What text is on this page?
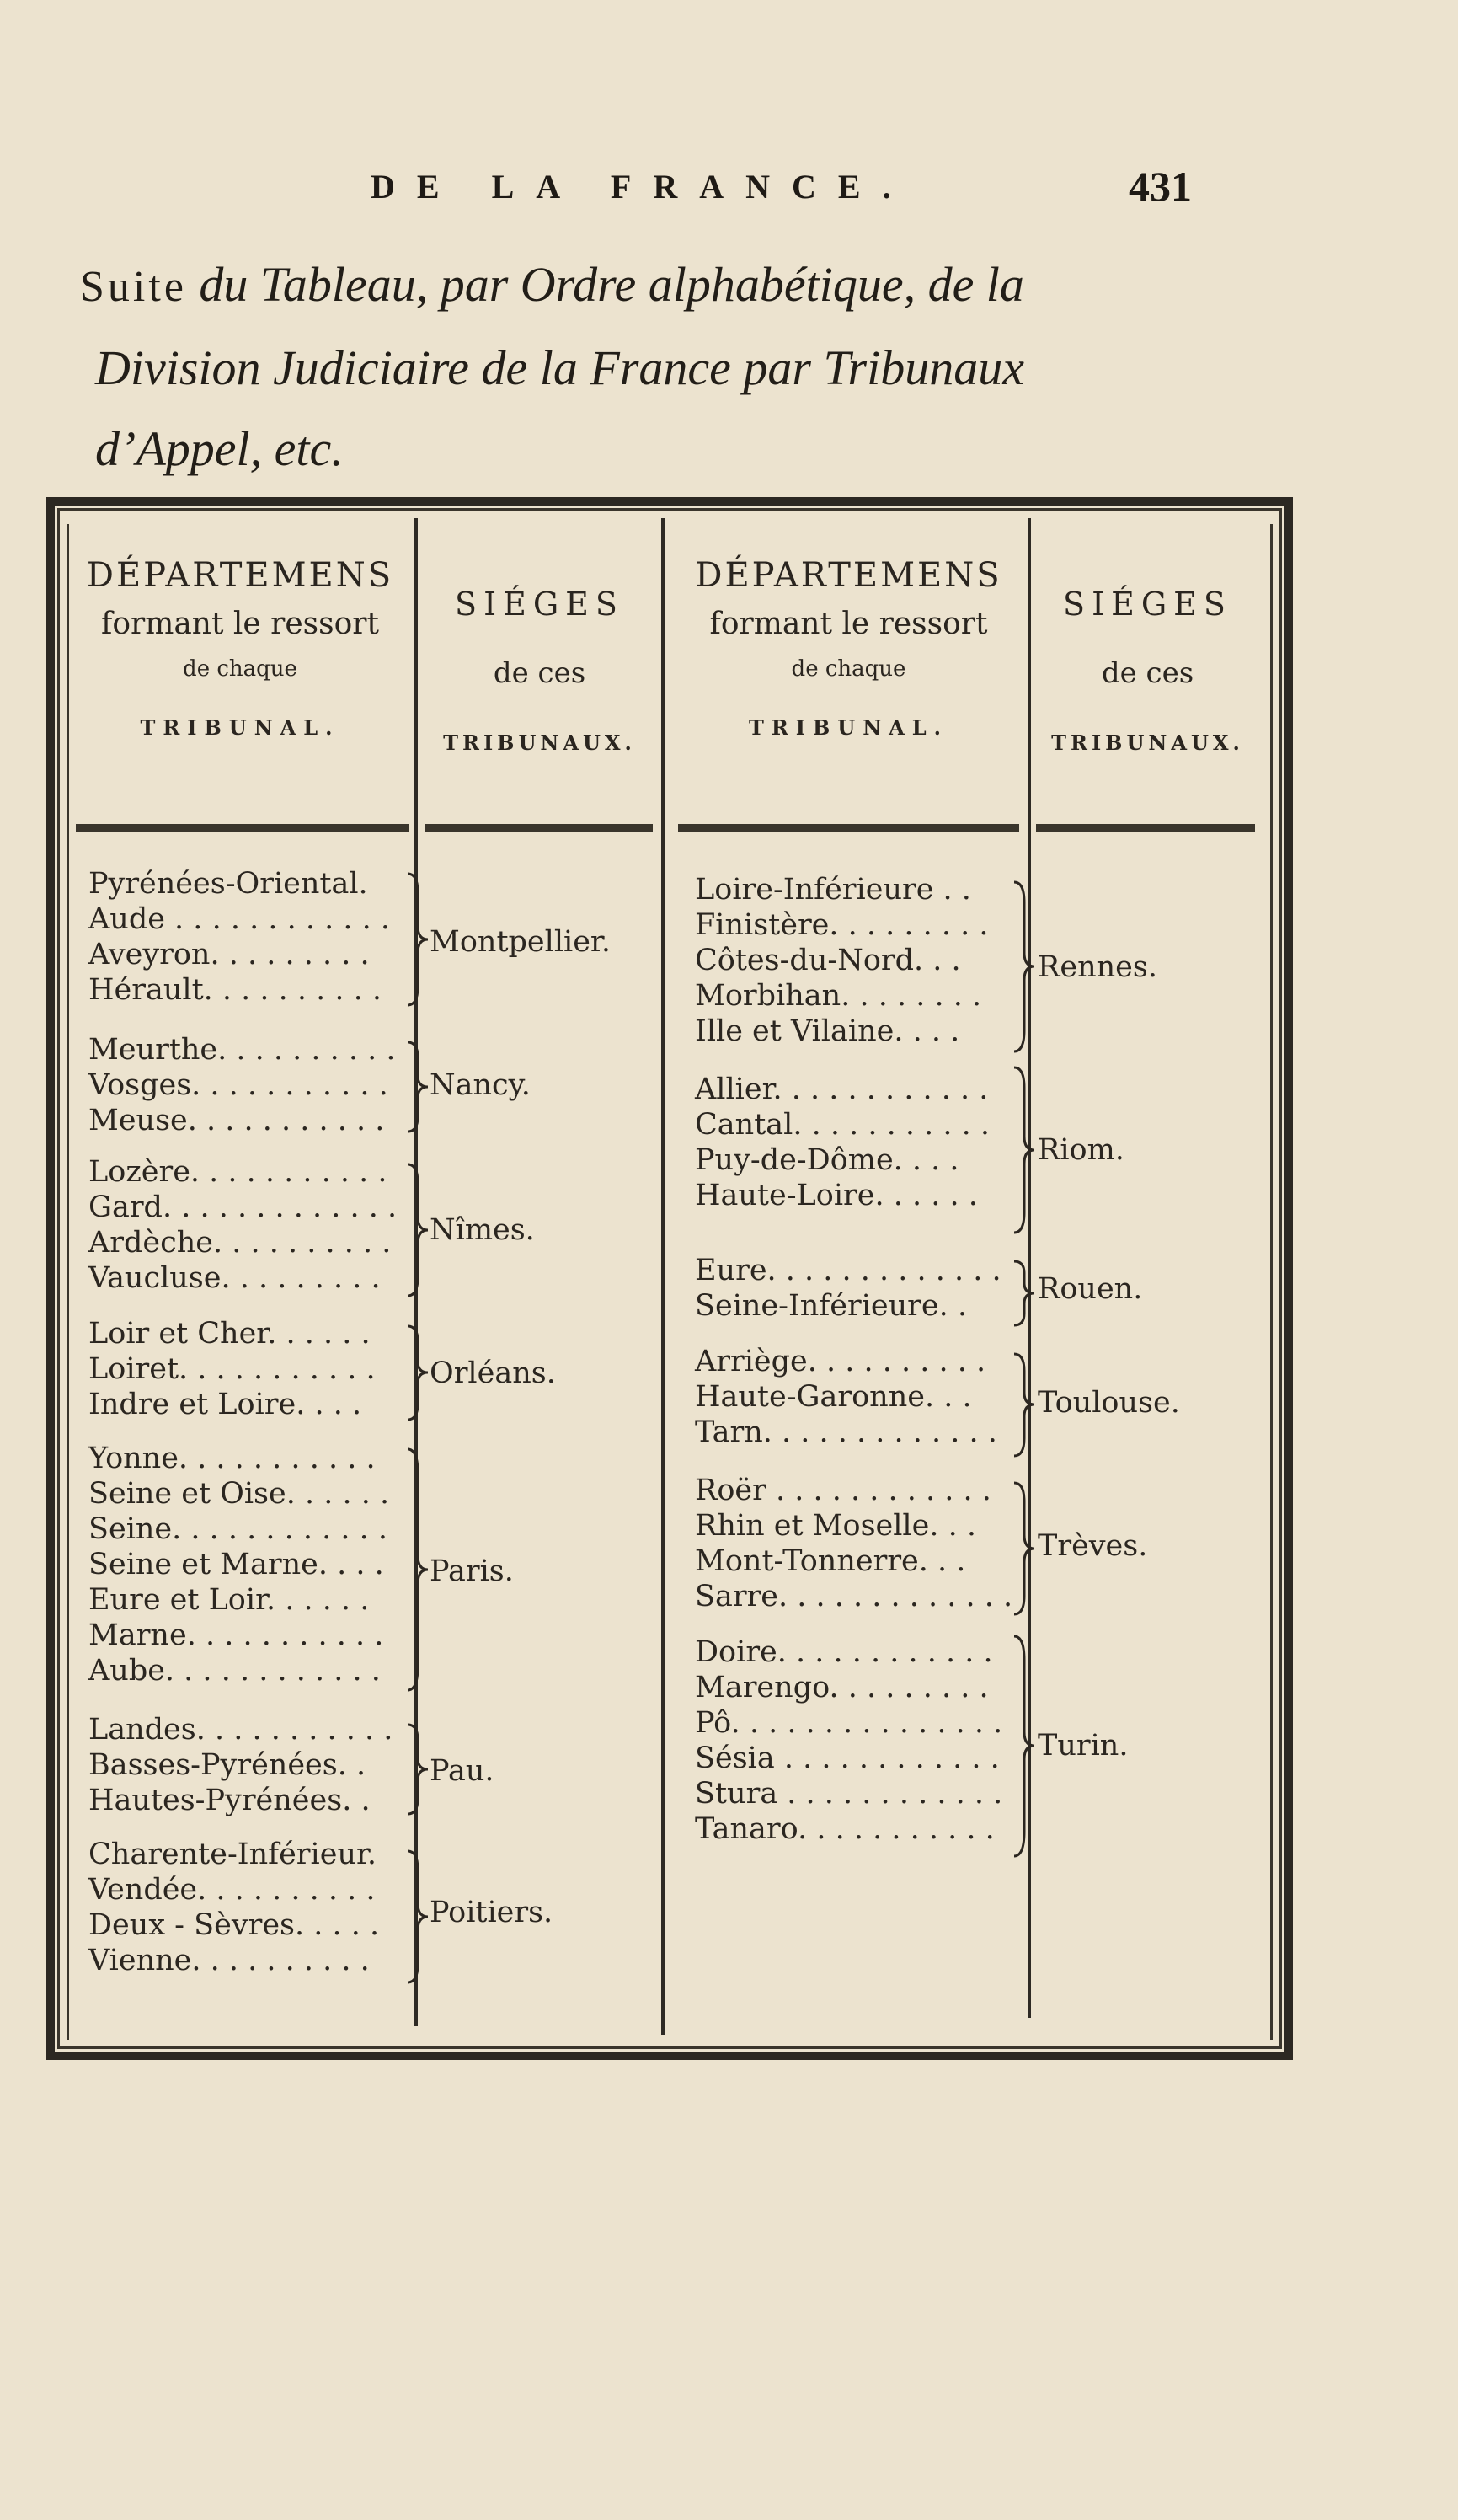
DE LA FRANCE.	431
Suite du Tableau, par Ordre alphabétique, de la
Division Judiciaire de la France par Tribunaux
d’Appel, etc.
DÉPARTEMENS
formant le ressort
de chaque
TRIBUNAL.
SIÉGES
de ces
TRIBUNAUX.
DÉPARTEMENS
formant le ressort
de chaque
TRIBUNAL.
SIÉGES
de ces
TRIBUNAUX.
Pyrénées-Oriental.
Aude . . . . . . . . . . . .
Aveyron. . . . . . . . .
Hérault. . . . . . . . . .
Montpellier.
Meurthe. . . . . . . . . .
Vosges. . . . . . . . . . .
Meuse. . . . . . . . . . .
Nancy.
Lozère. . . . . . . . . . .
Gard. . . . . . . . . . . . .
Ardèche. . . . . . . . . .
Vaucluse. . . . . . . . .
Nîmes.
Loir et Cher. . . . . .
Loiret. . . . . . . . . . .
Indre et Loire. . . .
Orléans.
Yonne. . . . . . . . . . .
Seine et Oise. . . . . .
Seine. . . . . . . . . . . .
Seine et Marne. . . .
Eure et Loir. . . . . .
Marne. . . . . . . . . . .
Aube. . . . . . . . . . . .
Paris.
Landes. . . . . . . . . . .
Basses-Pyrénées. .
Hautes-Pyrénées. .
Pau.
Charente-Inférieur.
Vendée. . . . . . . . . .
Deux - Sèvres. . . . .
Vienne. . . . . . . . . .
Poitiers.
Loire-Inférieure . .
Finistère. . . . . . . . .
Côtes-du-Nord. . .
Morbihan. . . . . . . .
Ille et Vilaine. . . .
Rennes.
Allier. . . . . . . . . . . .
Cantal. . . . . . . . . . .
Puy-de-Dôme. . . .
Haute-Loire. . . . . .
Riom.
Eure. . . . . . . . . . . . .
Seine-Inférieure. .	Rouen.
Arriège. . . . . . . . . .
Haute-Garonne. . .
Tarn. . . . . . . . . . . . .
Toulouse.
Roër . . . . . . . . . . . .
Rhin et Moselle. . .
Mont-Tonnerre. . .
Sarre. . . . . . . . . . . . .
Trèves.
Doire. . . . . . . . . . . .
Marengo. . . . . . . . .
Pô. . . . . . . . . . . . . . .
Sésia . . . . . . . . . . . .
Stura . . . . . . . . . . . .
Tanaro. . . . . . . . . . .
Turin.
